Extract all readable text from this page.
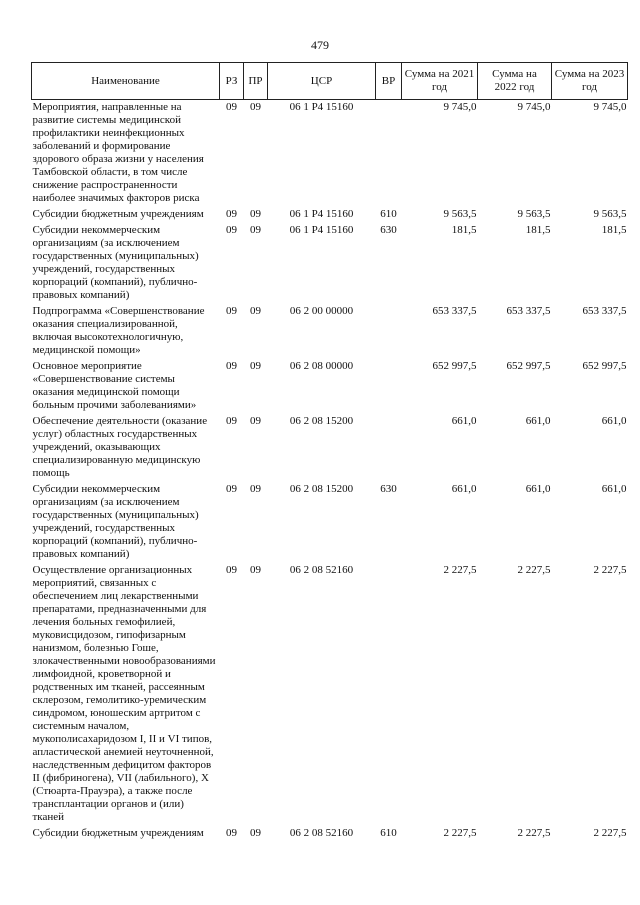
479
Наименование	РЗ	ПР	ЦСР	ВР	Сумма на 2021 год	Сумма на 2022 год	Сумма на 2023 год
Мероприятия, направленные на развитие системы медицинской профилактики неинфекционных заболеваний и формирование здорового образа жизни у населения Тамбовской области, в том числе снижение распространенности наиболее значимых факторов риска	09	09	06 1 Р4 15160		9 745,0	9 745,0	9 745,0
Субсидии бюджетным учреждениям	09	09	06 1 Р4 15160	610	9 563,5	9 563,5	9 563,5
Субсидии некоммерческим организациям (за исключением государственных (муниципальных) учреждений, государственных корпораций (компаний), публично-правовых компаний)	09	09	06 1 Р4 15160	630	181,5	181,5	181,5
Подпрограмма «Совершенствование оказания специализированной, включая высокотехнологичную, медицинской помощи»	09	09	06 2 00 00000		653 337,5	653 337,5	653 337,5
Основное мероприятие «Совершенствование системы оказания медицинской помощи больным прочими заболеваниями»	09	09	06 2 08 00000		652 997,5	652 997,5	652 997,5
Обеспечение деятельности (оказание услуг) областных государственных учреждений, оказывающих специализированную медицинскую помощь	09	09	06 2 08 15200		661,0	661,0	661,0
Субсидии некоммерческим организациям (за исключением государственных (муниципальных) учреждений, государственных корпораций (компаний), публично-правовых компаний)	09	09	06 2 08 15200	630	661,0	661,0	661,0
Осуществление организационных мероприятий, связанных с обеспечением лиц лекарственными препаратами, предназначенными для лечения больных гемофилией, муковисцидозом, гипофизарным нанизмом, болезнью Гоше, злокачественными новообразованиями лимфоидной, кроветворной и родственных им тканей, рассеянным склерозом, гемолитико-уремическим синдромом, юношеским артритом с системным началом, мукополисахаридозом I, II и VI типов, апластической анемией неуточненной, наследственным дефицитом факторов II (фибриногена), VII (лабильного), X (Стюарта-Прауэра), а также после трансплантации органов и (или) тканей	09	09	06 2 08 52160		2 227,5	2 227,5	2 227,5
Субсидии бюджетным учреждениям	09	09	06 2 08 52160	610	2 227,5	2 227,5	2 227,5
